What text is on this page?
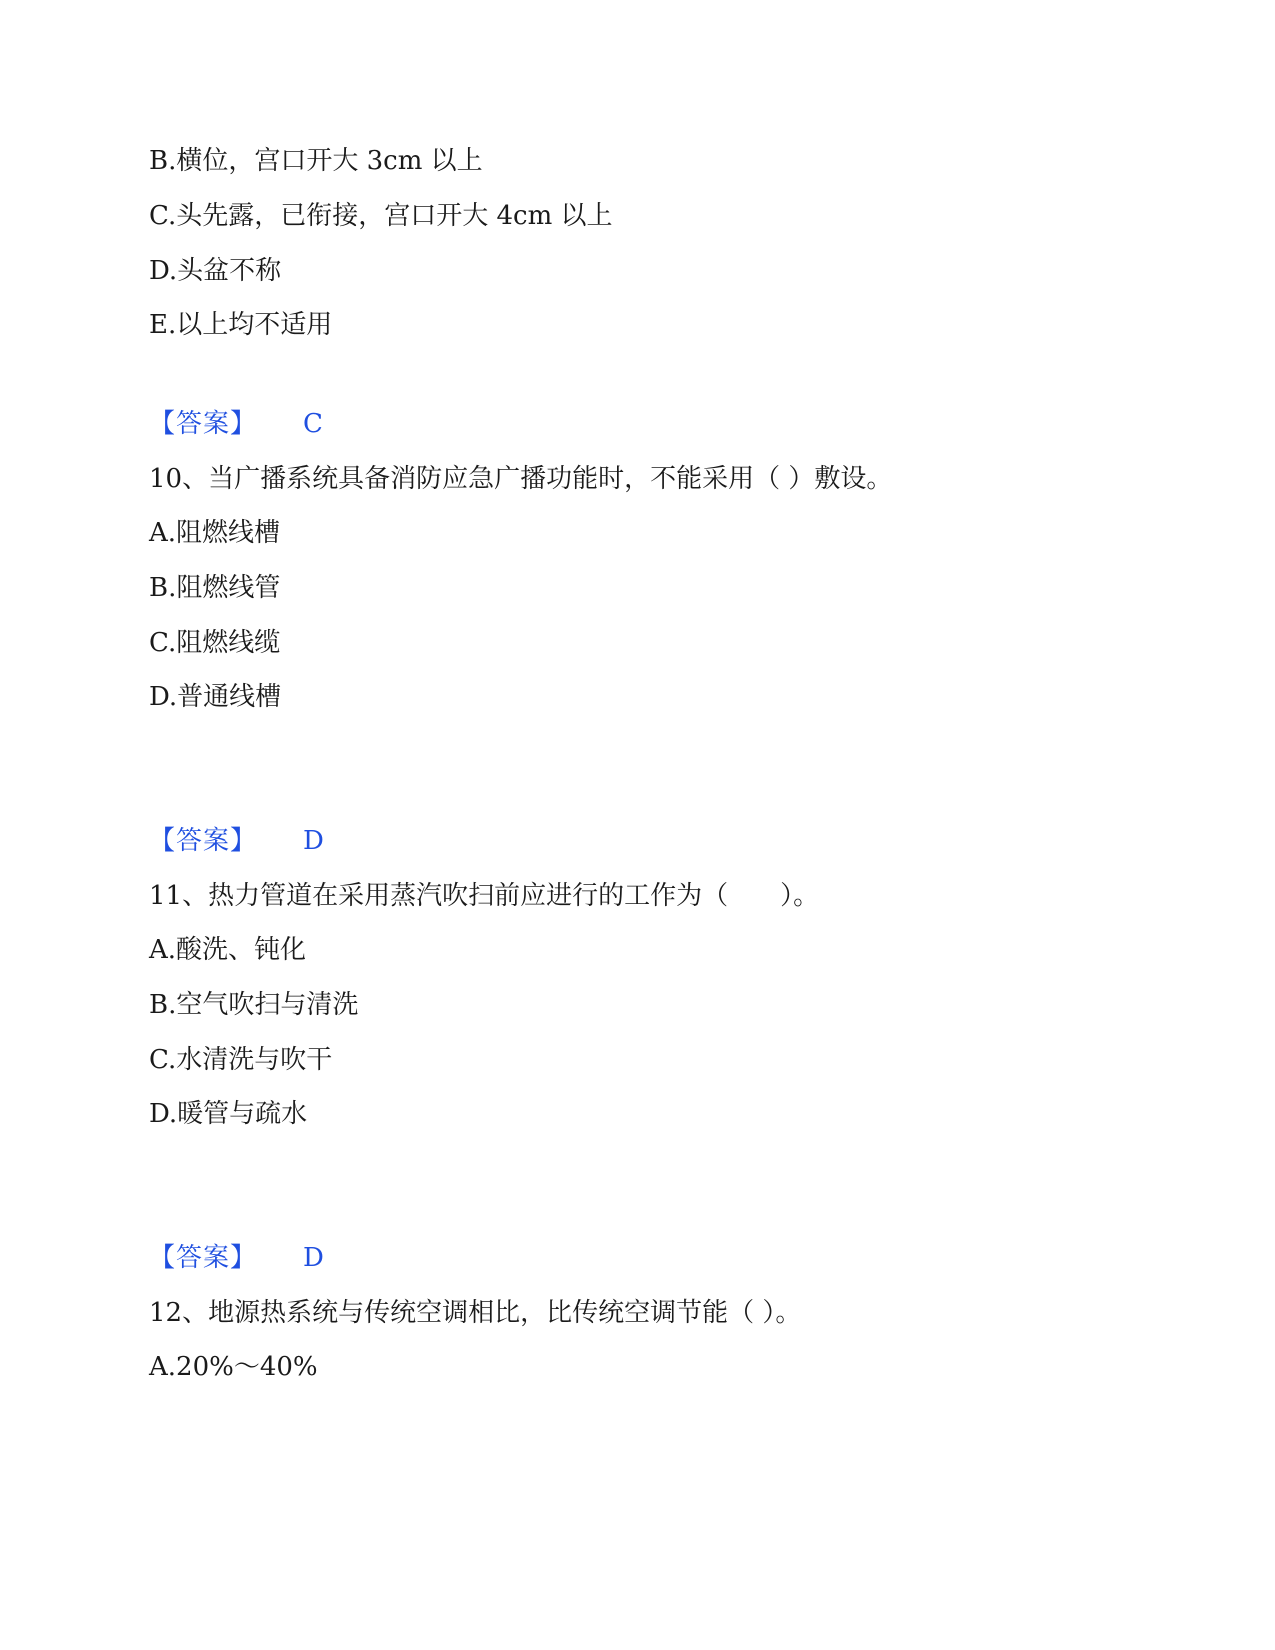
B.横位，宫口开大 3cm 以上
C.头先露，已衔接，宫口开大 4cm 以上
D.头盆不称
E.以上均不适用
【答案】 C
10、当广播系统具备消防应急广播功能时，不能采用（ ）敷设。
A.阻燃线槽
B.阻燃线管
C.阻燃线缆
D.普通线槽
【答案】 D
11、热力管道在采用蒸汽吹扫前应进行的工作为（　　）。
A.酸洗、钝化
B.空气吹扫与清洗
C.水清洗与吹干
D.暖管与疏水
【答案】 D
12、地源热系统与传统空调相比，比传统空调节能（ ）。
A.20%～40%
